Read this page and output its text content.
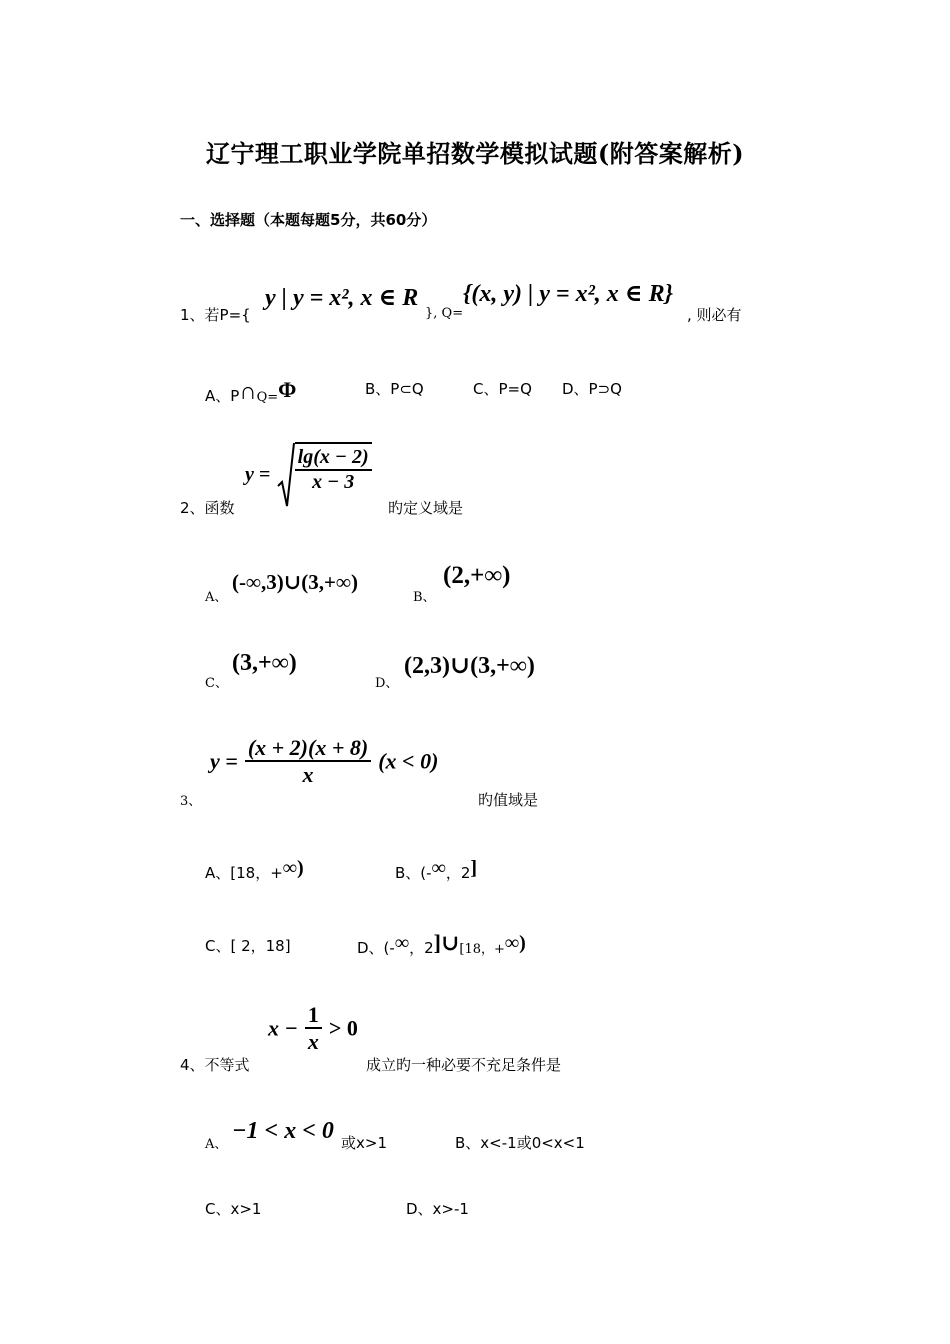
辽宁理工职业学院单招数学模拟试题(附答案解析)
一、选择题（本题每题5分，共60分）
1、若P={
y | y = x², x ∈ R
}, Q=
{(x, y) | y = x², x ∈ R}
, 则必有
A、P∩Q=Φ	B、P⊂Q	C、P=Q D、P⊃Q
2、函数
$y = \frac{\lg(x - 2)}{x - 3}$
旳定义域是
A、
(-∞,3)∪(3,+∞)
B、
(2,+∞)
C、
(3,+∞)
D、
(2,3)∪(3,+∞)
3、
$y = \frac{(x + 2)(x + 8)}{x} (x < 0)$
旳值域是
A、[18，+∞)	B、(-∞，2]
C、[ 2，18]	D、(-∞，2]∪[18，+∞)
4、不等式
$x - \frac{1}{x} > 0$
成立旳一种必要不充足条件是
A、
−1 < x < 0 或x>1	B、x<-1或0<x<1
C、x>1	D、x>-1
